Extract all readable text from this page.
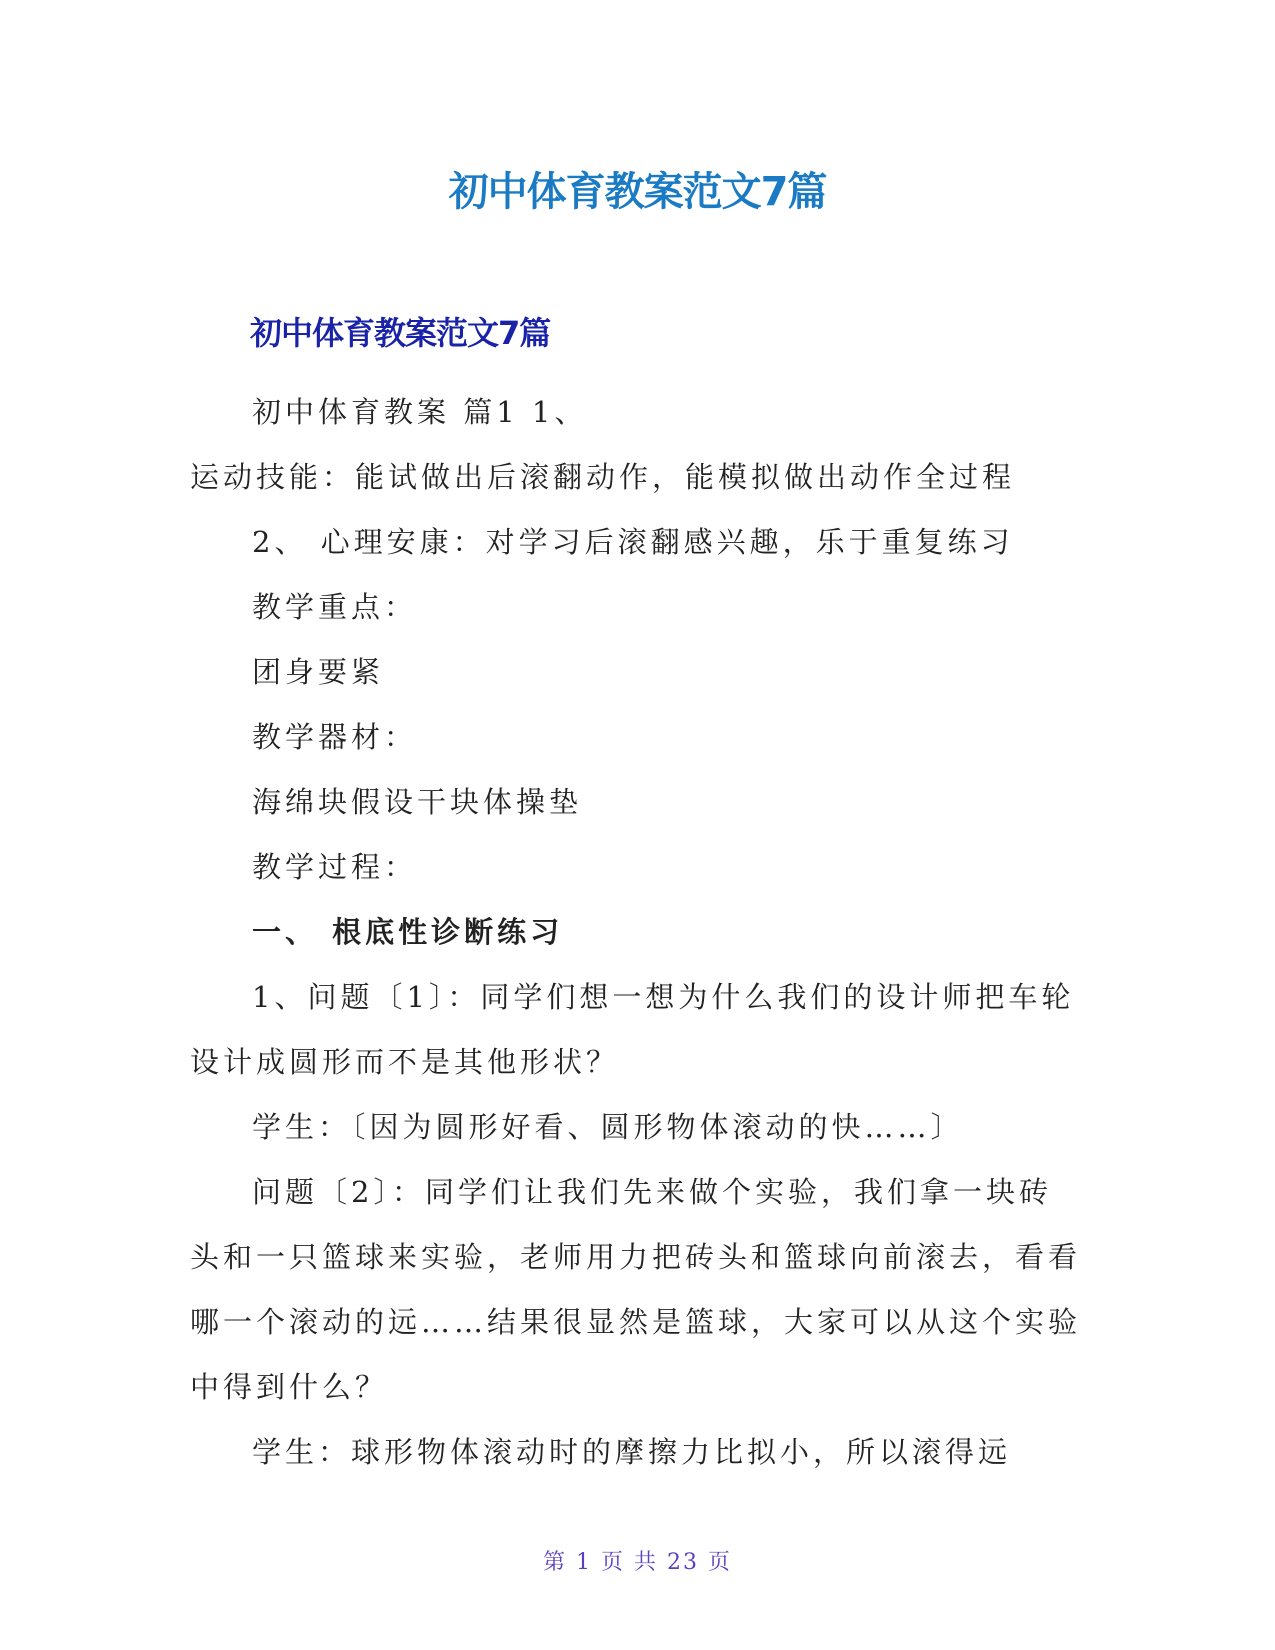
初中体育教案范文7篇
初中体育教案范文7篇
初中体育教案 篇1 1、
运动技能：能试做出后滚翻动作，能模拟做出动作全过程
2、 心理安康：对学习后滚翻感兴趣，乐于重复练习
教学重点：
团身要紧
教学器材：
海绵块假设干块体操垫
教学过程：
一、 根底性诊断练习
1、问题〔1〕：同学们想一想为什么我们的设计师把车轮
设计成圆形而不是其他形状？
学生：〔因为圆形好看、圆形物体滚动的快……〕
问题〔2〕：同学们让我们先来做个实验，我们拿一块砖
头和一只篮球来实验，老师用力把砖头和篮球向前滚去，看看
哪一个滚动的远……结果很显然是篮球，大家可以从这个实验
中得到什么？
学生：球形物体滚动时的摩擦力比拟小，所以滚得远
第 1 页 共 23 页
